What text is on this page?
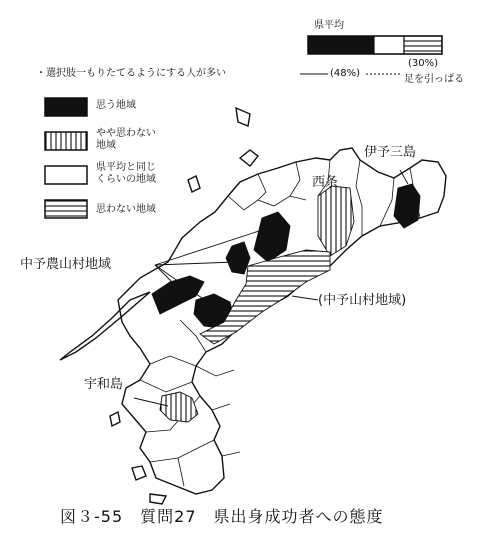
県平均
(30%)
(48%)
・選択肢一もりたてるようにする人が多い
足を引っぱる
思う地域
やや思わない
地域
県平均と同じ
くらいの地域
思わない地域
伊予三島
西条
中予農山村地域
(中予山村地域)
宇和島
図３-55　質問27　県出身成功者への態度
